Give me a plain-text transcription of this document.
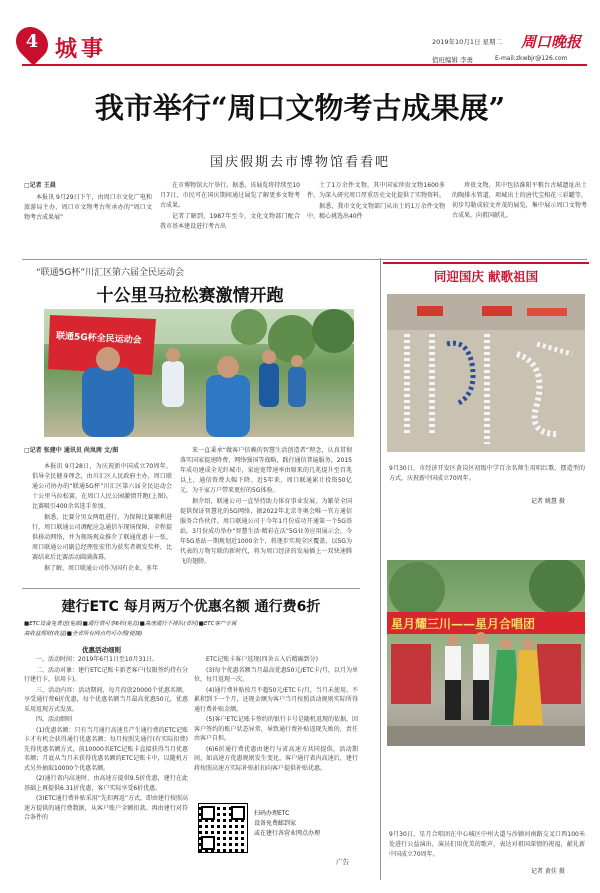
4 城事	2019年10月1日 星期二 周口晚报
值班编辑 李勇	E-mail:zkwbjr@126.com
我市举行“周口文物考古成果展”
国庆假期去市博物馆看看吧
□记者 王晨

本报讯 9月29日下午，由周口市文化广电和旅游局主办，周口市文物考古所承办的“周口文物考古成果展”

在市博物馆大厅举行。据悉，该展览将持续至10月7日，市民可在国庆期间通过展览了解更多文物考古成果。

记者了解到，1987年至今，文化文物部门配合我市基本建设进行考古出

土了1万余件文物，其中国家珍贵文物1600多件。为深入研究周口厚重历史文化提供了实物资料。

据悉，我市文化文物部门从出土的1万余件文物中，精心挑选出40件

珍贵文物，其中包括淮阳平粮台古城遗址出土的陶排水管道，项城出土的唐代宝相花三彩罐等，初步勾勒成较文并茂的展览，集中展示周口文物考古成果，向祖国献礼。

“联通5G杯”川汇区第六届全民运动会
十公里马拉松赛激情开跑
联通5G杯全民运动会
□记者 张建中 通讯员 尚岚茜 文/图

本报讯 9月28日，为庆祝新中国成立70周年，倡导全民健身理念，由川汇区人民政府主办，周口联通公司协办的“联通5G杯”川汇区第六届全民运动会十公里马拉松赛，在周口人民公园激情开跑(上图)。比赛吸引400余名选手参加。

据悉，比赛分男女两组进行。为保障比赛顺利进行，周口联通公司调配应急通信车现场保障，全程提供移动网络，并为现场观众推介了联通优惠卡一张，周口联通公司副总经理张宏伟为获奖者颁发奖杯，比赛结束后比赛活动圆满落幕。

据了解，周口联通公司作为国有企业，多年

来一直秉承“做客户信赖的智慧生活创造者”理念，认真贯彻落实国家提速降费、网络强国等战略，践行通信普遍服务，2015年成功建成全光纤城市，家庭宽带速率由原来的几兆提升至百兆以上，通信资费大幅下降。近5年来，周口联通累计投资50亿元，为千家万户带来更好的5G体验。

据介绍，联通公司一直坚持助力体育事业发展，为繁荣全国提供保证智慧化的5G网络，据2022年北京冬奥会唯一官方通信服务合作伙伴，周口联通公司于今年1月份成功开通第一个5G基站，3月份成功举办“智慧生活·精彩在沃”5G业务应用展示会，今年5G基站一期规划近1000余个，将逐步实现全区覆盖，以5G为代表的万物互联的新时代，将为周口经济的发展插上一双快速腾飞的翅膀。

建行ETC 每月两万个优惠名额 通行费6折
■ETC设备免费送(免邮)■通行费可享6折(免息)■高速通行不排队(省时)■ETC客户专属
高收益理财(收益)■全省所有网点均可办理(便捷)
优惠活动细则

一、活动时间：2019年6月1日至10月31日。

二、活动对象：建行ETC记账卡新老客户(仅限签约持有分行建行卡，信用卡)。

三、活动内容：活动期间，每月投放20000个优惠名额，享受通行费6折优惠，每个优惠名额当月最高优惠50元，优惠采用返现方式发放。

四、活动细则

(1)优惠名额：只有当月通行高速且产生通行费的ETC记账卡才有机会获得通行优惠名额；每月按照先通行(有实际扣费)先得优惠名额方式，前10000名ETC记账卡直接获得当月优惠名额；月底从当月未获得优惠名额的ETC记账卡中，以随机方式另外抽取10000个优惠名额。

(2)通行省内高速时，由高速方提供9.5折优惠，建行在此基础上再提供6.31折优惠，客户实际享受6折优惠。

(3)ETC通行费补贴采用“先扣再返”方式，即由建行按照高速方提供的通行费数据，从客户账户全额扣款。再由建行对符合条件的

ETC记账卡客户返现(四舍五入后精确到分)

(3)每个优惠名额当月最高优惠50元/ETC卡/月，以月为单位，每月返现一次。

(4)通行费补贴按月不超50元/ETC卡/月，当月未使用，不累积到下一个月，还现金额为客户当月按照活动规则实际所得通行费补贴金额。

(5)客户ETC记账卡签约的银行卡号是随机返现的依据，因客户签约的账户状态异常，导致通行费补贴返现失败的，责任由客户自担。

(6)6折通行费优惠由建行与省高速方共同提供，活动期间，如高速方优惠规则发生变化，客户通行省内高速后，建行将按照高速方实际补贴折扣向客户提供补贴优惠。

扫码办理ETC
设备免费邮到家
或在建行各营业网点办理
广告
同迎国庆 献歌祖国
9月30日，市经济开发区黄岗区初级中学百余名师生用唱红歌、摆造型的方式，庆祝新中国成立70周年。
记者 姚慧 摄
星月耀三川——星月合唱团
9月30日，星月合唱团在中心城区中州大道与沙颍河南路交叉口西100米处进行公益演出，演员们用优美的歌声，表达对祖国深情的祝福，献礼新中国成立70周年。
记者 黄佳 摄
